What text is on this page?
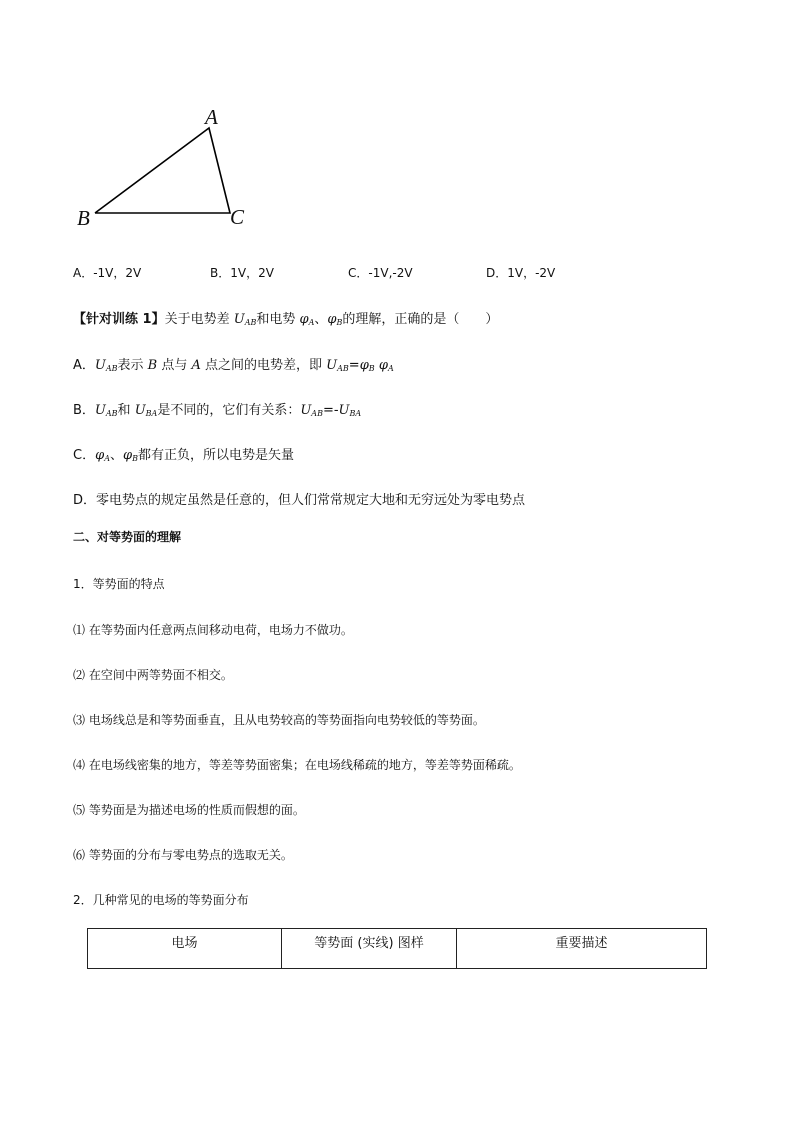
A
B	C
A．-1V，2V	B．1V，2V	C．-1V,-2V	D．1V，-2V
【针对训练 1】关于电势差 $U_{AB}$和电势 $\varphi_A$、$\varphi_B$的理解，正确的是（　　）
A．$U_{AB}$表示 B 点与 A 点之间的电势差，即 $U_{AB}=\varphi_B$ $\varphi_A$
B．$U_{AB}$和 $U_{BA}$是不同的，它们有关系：$U_{AB}=-U_{BA}$
C．$\varphi_A$、$\varphi_B$都有正负，所以电势是矢量
D．零电势点的规定虽然是任意的，但人们常常规定大地和无穷远处为零电势点
二、对等势面的理解
1．等势面的特点
⑴ 在等势面内任意两点间移动电荷，电场力不做功。
⑵ 在空间中两等势面不相交。
⑶ 电场线总是和等势面垂直，且从电势较高的等势面指向电势较低的等势面。
⑷ 在电场线密集的地方，等差等势面密集；在电场线稀疏的地方，等差等势面稀疏。
⑸ 等势面是为描述电场的性质而假想的面。
⑹ 等势面的分布与零电势点的选取无关。
2．几种常见的电场的等势面分布
电场	等势面 (实线) 图样	重要描述
